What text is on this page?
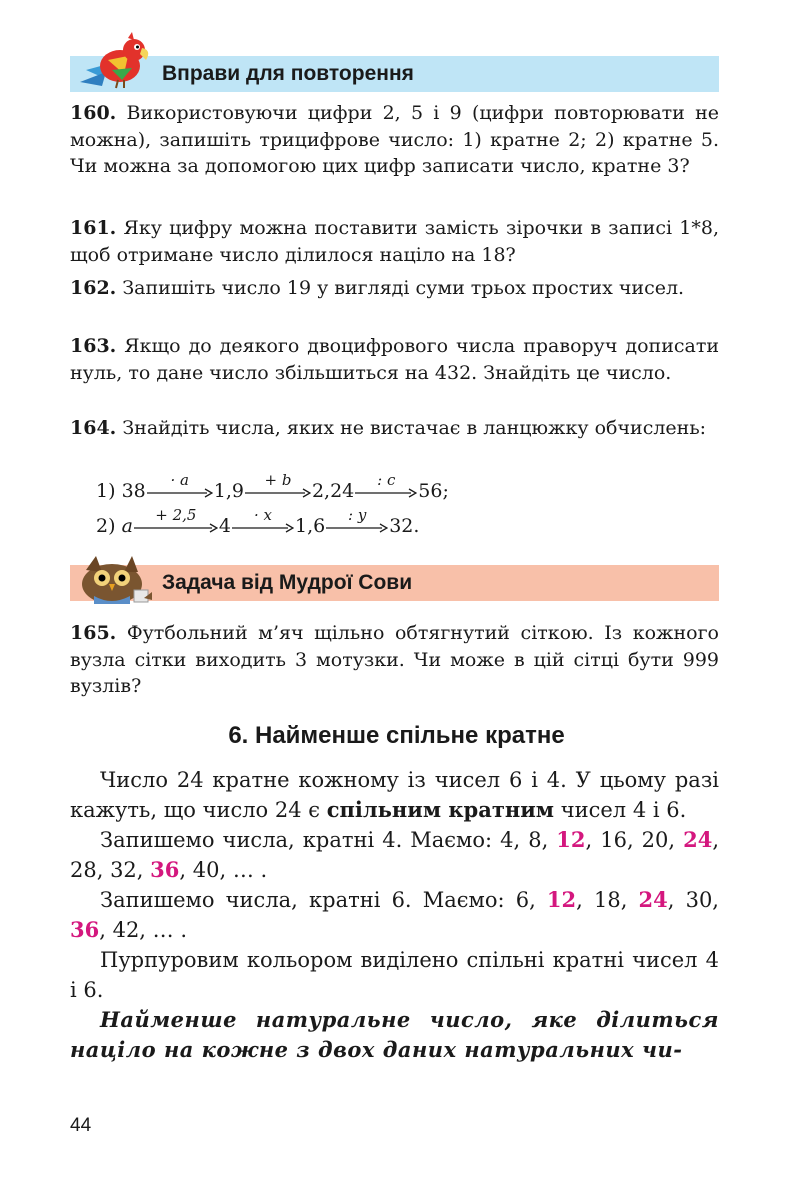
Вправи для повторення

160. Використовуючи цифри 2, 5 і 9 (цифри повторювати не можна), запишіть трицифрове число: 1) кратне 2; 2) кратне 5. Чи можна за допомогою цих цифр записати число, кратне 3?

161. Яку цифру можна поставити замість зірочки в записі 1*8, щоб отримане число ділилося націло на 18?

162. Запишіть число 19 у вигляді суми трьох простих чисел.

163. Якщо до деякого двоцифрового числа праворуч дописати нуль, то дане число збільшиться на 432. Знайдіть це число.

164. Знайдіть числа, яких не вистачає в ланцюжку обчислень:

1)
38	· a	1,9	+ b	2,24	: c	56;
2)
a	+ 2,5	4	· x	1,6	: y	32.
Задача від Мудрої Сови

165. Футбольний м’яч щільно обтягнутий сіткою. Із кожного вузла сітки виходить 3 мотузки. Чи може в цій сітці бути 999 вузлів?

6. Найменше спільне кратне

Число 24 кратне кожному із чисел 6 і 4. У цьому разі кажуть, що число 24 є спільним кратним чисел 4 і 6.

Запишемо числа, кратні 4. Маємо: 4, 8, 12, 16, 20, 24, 28, 32, 36, 40, … .

Запишемо числа, кратні 6. Маємо: 6, 12, 18, 24, 30, 36, 42, … .

Пурпуровим кольором виділено спільні кратні чисел 4 і 6.

Найменше натуральне число, яке ділиться націло на кожне з двох даних натуральних чи-

44
